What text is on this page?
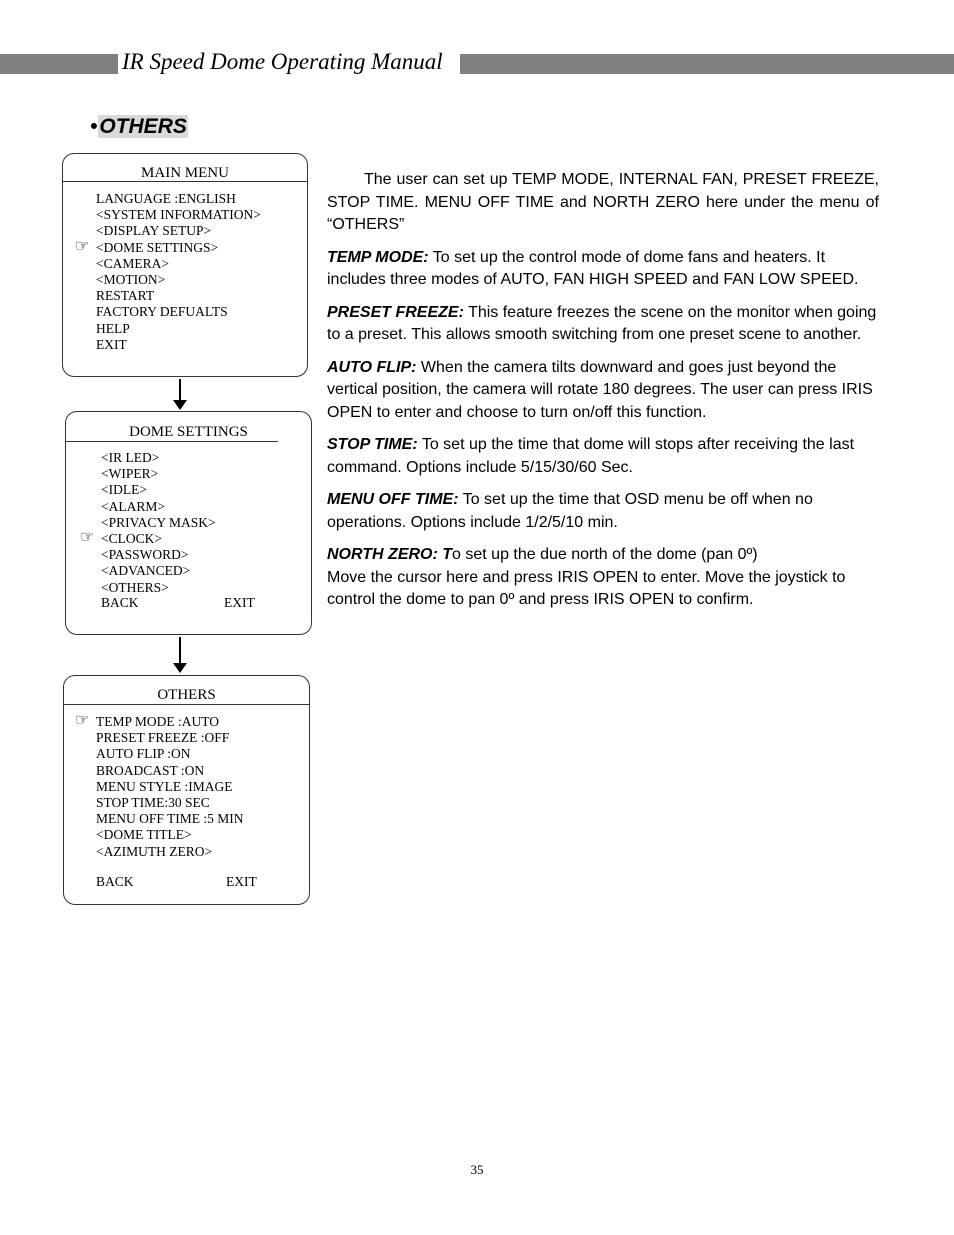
IR Speed Dome Operating Manual
•OTHERS
MAIN MENU
LANGUAGE :ENGLISH
<SYSTEM INFORMATION>
<DISPLAY SETUP>
☞ <DOME SETTINGS>
<CAMERA>
<MOTION>
RESTART
FACTORY DEFUALTS
HELP
EXIT
DOME SETTINGS
<IR LED>
<WIPER>
<IDLE>
<ALARM>
<PRIVACY MASK>
☞ <CLOCK>
<PASSWORD>
<ADVANCED>
<OTHERS>
BACK	EXIT
OTHERS
☞ TEMP MODE :AUTO
PRESET FREEZE :OFF
AUTO FLIP :ON
BROADCAST :ON
MENU STYLE :IMAGE
STOP TIME:30 SEC
MENU OFF TIME :5 MIN
<DOME TITLE>
<AZIMUTH ZERO>
BACK	EXIT

The user can set up TEMP MODE, INTERNAL FAN, PRESET FREEZE, STOP TIME. MENU OFF TIME and NORTH ZERO here under the menu of “OTHERS”

TEMP MODE: To set up the control mode of dome fans and heaters. It includes three modes of AUTO, FAN HIGH SPEED and FAN LOW SPEED.

PRESET FREEZE: This feature freezes the scene on the monitor when going to a preset. This allows smooth switching from one preset scene to another.

AUTO FLIP: When the camera tilts downward and goes just beyond the vertical position, the camera will rotate 180 degrees. The user can press IRIS OPEN to enter and choose to turn on/off this function.

STOP TIME: To set up the time that dome will stops after receiving the last command. Options include 5/15/30/60 Sec.

MENU OFF TIME: To set up the time that OSD menu be off when no operations. Options include 1/2/5/10 min.

NORTH ZERO: To set up the due north of the dome (pan 0º)
Move the cursor here and press IRIS OPEN to enter. Move the joystick to control the dome to pan 0º and press IRIS OPEN to confirm.

35
